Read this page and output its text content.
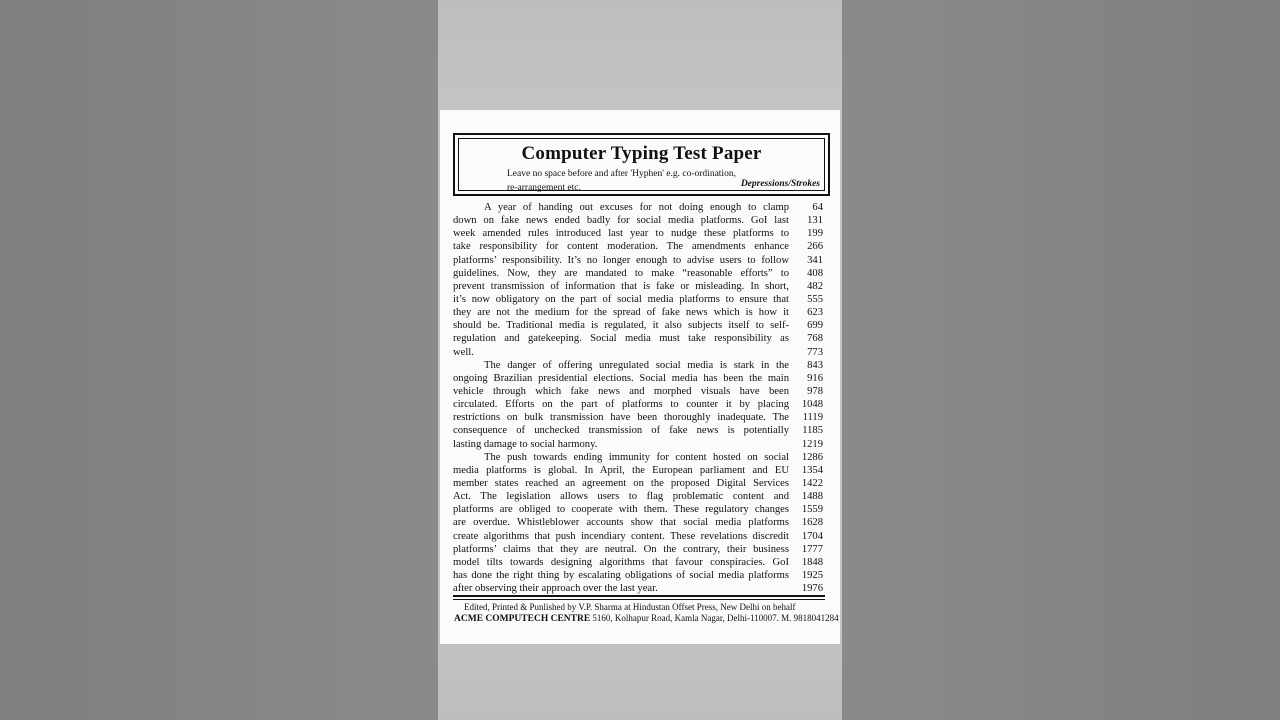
Computer Typing Test Paper
Leave no space before and after 'Hyphen' e.g. co-ordination, re-arrangement etc.	Depressions/Strokes
A year of handing out excuses for not doing enough to clamp	64
down on fake news ended badly for social media platforms. GoI last	131
week amended rules introduced last year to nudge these platforms to	199
take responsibility for content moderation. The amendments enhance	266
platforms’ responsibility. It’s no longer enough to advise users to follow	341
guidelines. Now, they are mandated to make “reasonable efforts” to	408
prevent transmission of information that is fake or misleading. In short,	482
it’s now obligatory on the part of social media platforms to ensure that	555
they are not the medium for the spread of fake news which is how it	623
should be. Traditional media is regulated, it also subjects itself to self-	699
regulation and gatekeeping. Social media must take responsibility as	768
well.	773
The danger of offering unregulated social media is stark in the	843
ongoing Brazilian presidential elections. Social media has been the main	916
vehicle through which fake news and morphed visuals have been	978
circulated. Efforts on the part of platforms to counter it by placing	1048
restrictions on bulk transmission have been thoroughly inadequate. The	1119
consequence of unchecked transmission of fake news is potentially	1185
lasting damage to social harmony.	1219
The push towards ending immunity for content hosted on social	1286
media platforms is global. In April, the European parliament and EU	1354
member states reached an agreement on the proposed Digital Services	1422
Act. The legislation allows users to flag problematic content and	1488
platforms are obliged to cooperate with them. These regulatory changes	1559
are overdue. Whistleblower accounts show that social media platforms	1628
create algorithms that push incendiary content. These revelations discredit	1704
platforms’ claims that they are neutral. On the contrary, their business	1777
model tilts towards designing algorithms that favour conspiracies. GoI	1848
has done the right thing by escalating obligations of social media platforms	1925
after observing their approach over the last year.	1976
Edited, Printed & Punlished by V.P. Sharma at Hindustan Offset Press, New Delhi on behalf
ACME COMPUTECH CENTRE 5160, Kolhapur Road, Kamla Nagar, Delhi-110007. M. 9818041284
